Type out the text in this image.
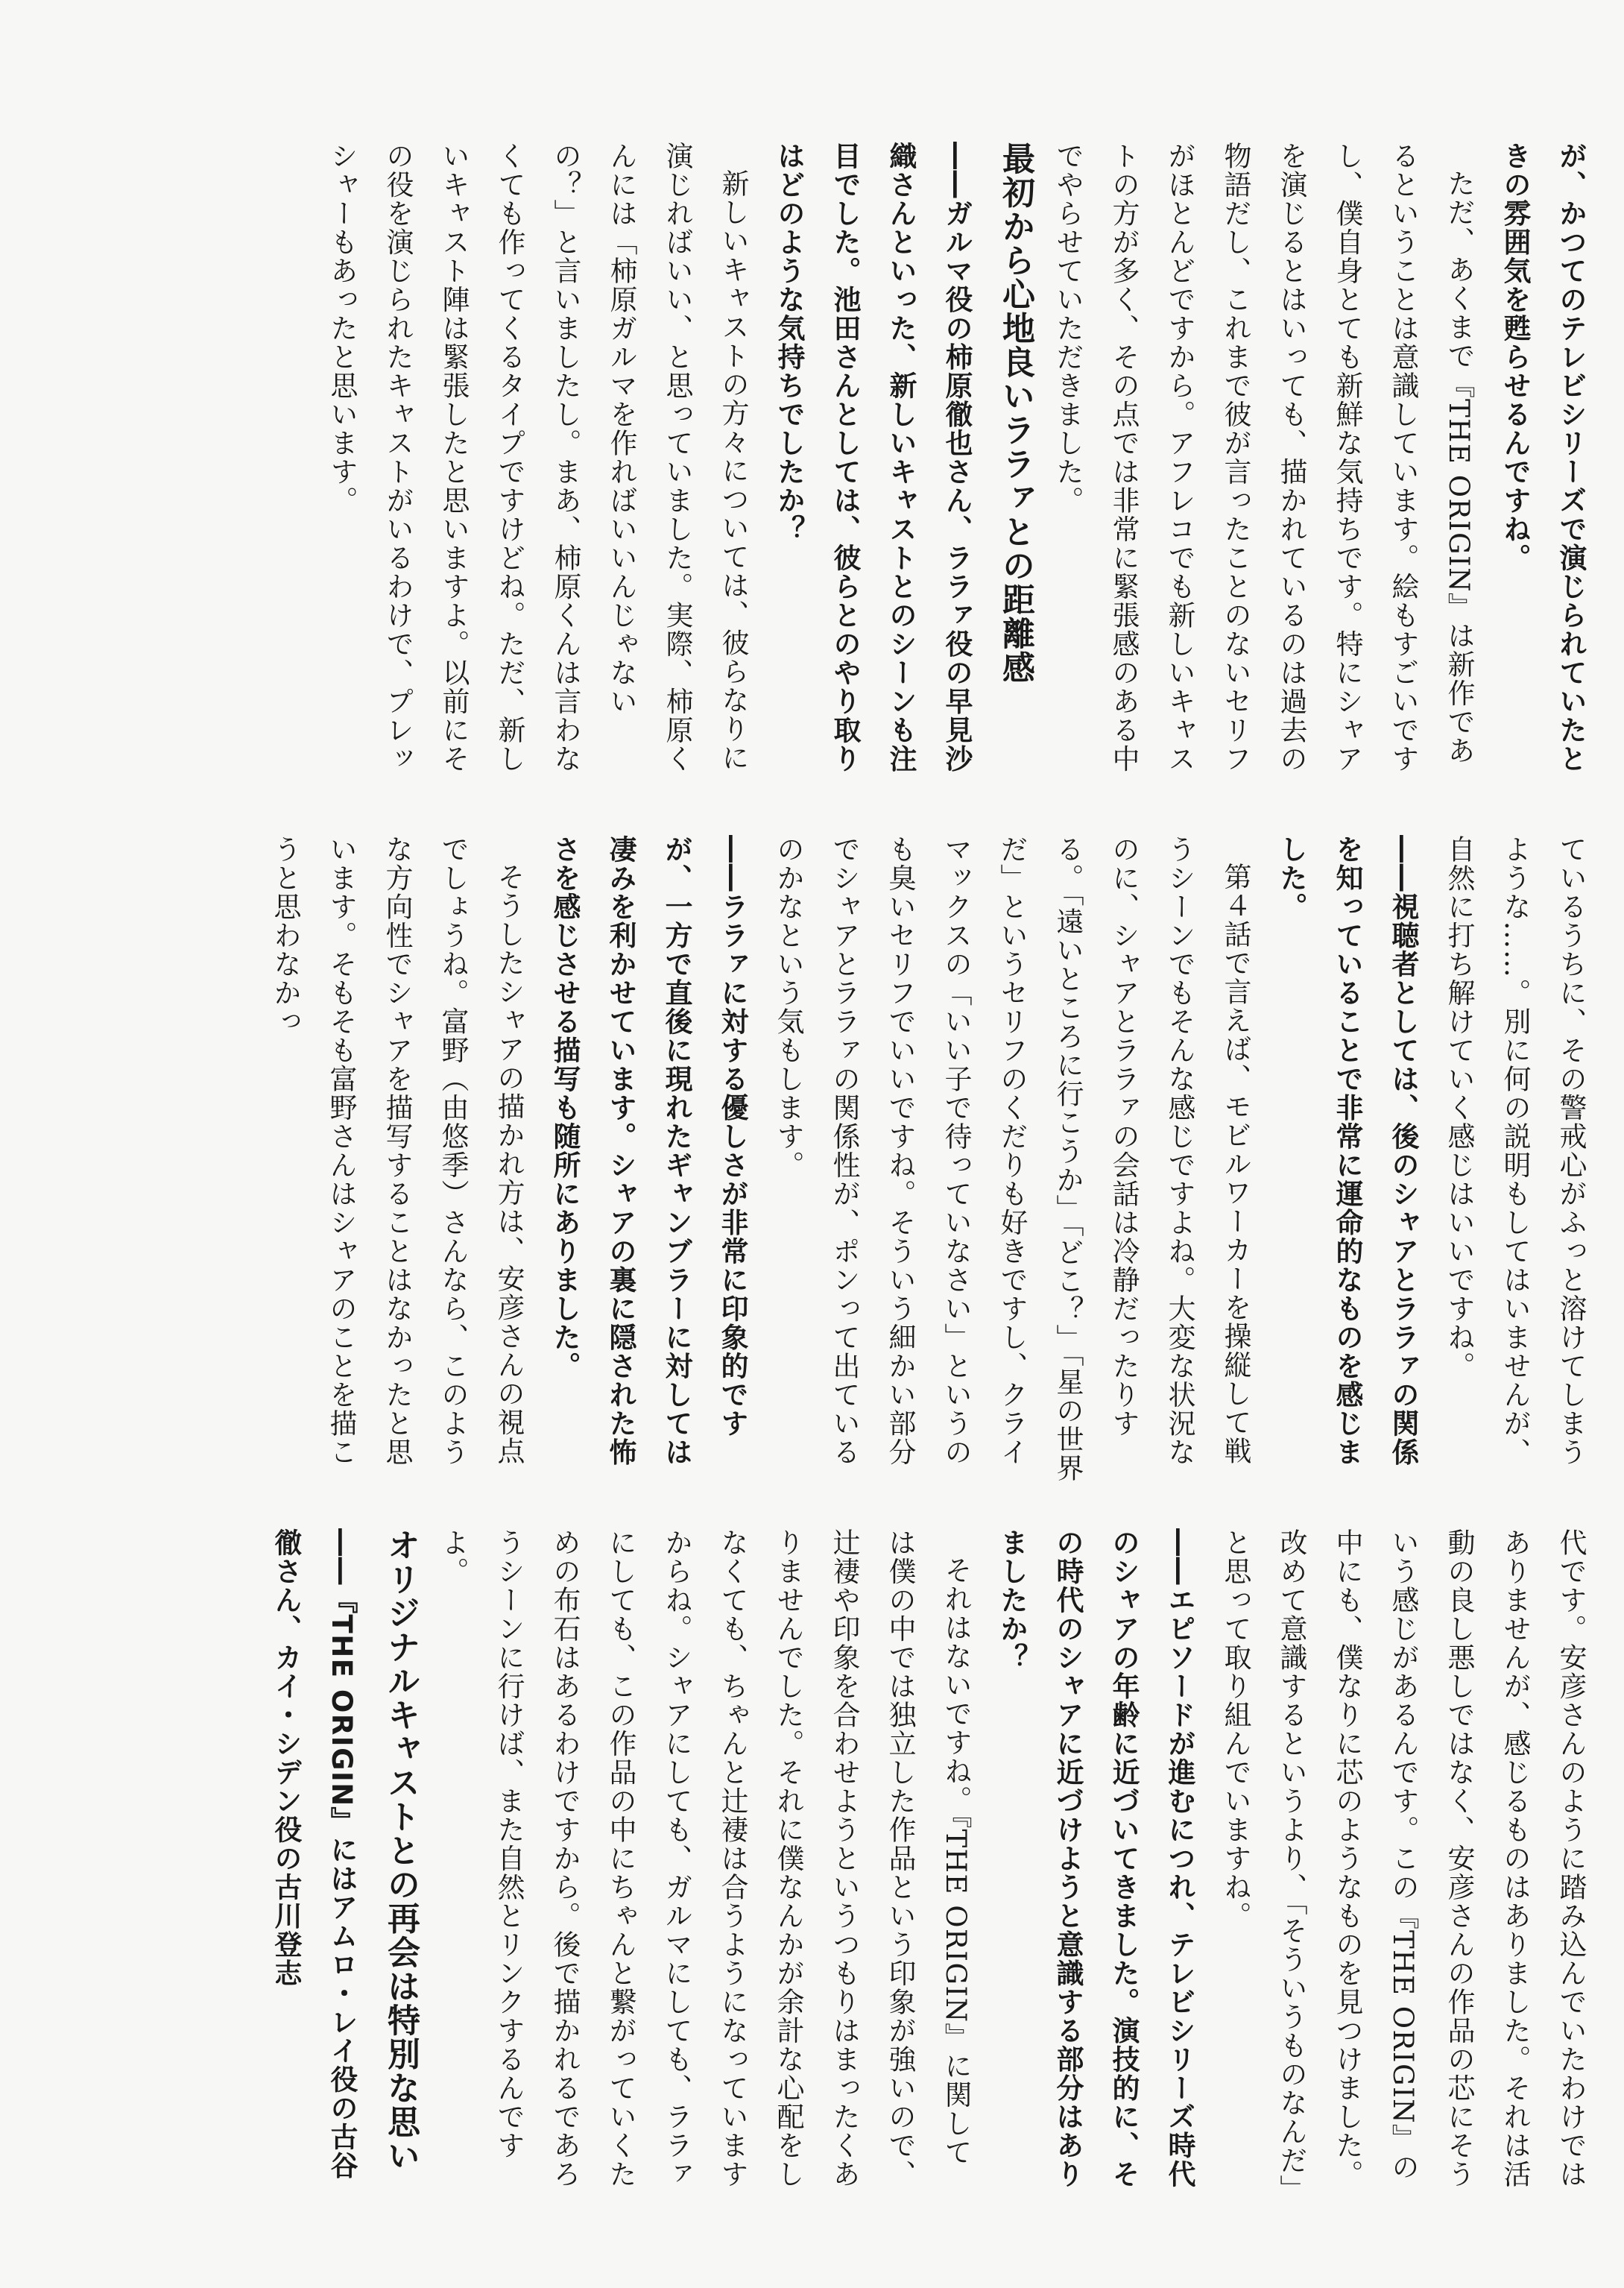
が、かつてのテレビシリーズで演じられていたときの雰囲気を甦らせるんですね。

ただ、あくまで『THE ORIGIN』は新作であるということは意識しています。絵もすごいですし、僕自身とても新鮮な気持ちです。特にシャアを演じるとはいっても、描かれているのは過去の物語だし、これまで彼が言ったことのないセリフがほとんどですから。アフレコでも新しいキャストの方が多く、その点では非常に緊張感のある中でやらせていただきました。

最初から心地良いララァとの距離感

――ガルマ役の柿原徹也さん、ララァ役の早見沙織さんといった、新しいキャストとのシーンも注目でした。池田さんとしては、彼らとのやり取りはどのような気持ちでしたか？

新しいキャストの方々については、彼らなりに演じればいい、と思っていました。実際、柿原くんには「柿原ガルマを作ればいいんじゃないの？」と言いましたし。まあ、柿原くんは言わなくても作ってくるタイプですけどね。ただ、新しいキャスト陣は緊張したと思いますよ。以前にその役を演じられたキャストがいるわけで、プレッシャーもあったと思います。

ているうちに、その警戒心がふっと溶けてしまうような……。別に何の説明もしてはいませんが、自然に打ち解けていく感じはいいですね。

――視聴者としては、後のシャアとララァの関係を知っていることで非常に運命的なものを感じました。

第４話で言えば、モビルワーカーを操縦して戦うシーンでもそんな感じですよね。大変な状況なのに、シャアとララァの会話は冷静だったりする。「遠いところに行こうか」「どこ？」「星の世界だ」というセリフのくだりも好きですし、クライマックスの「いい子で待っていなさい」というのも臭いセリフでいいですね。そういう細かい部分でシャアとララァの関係性が、ポンって出ているのかなという気もします。

――ララァに対する優しさが非常に印象的ですが、一方で直後に現れたギャンブラーに対しては凄みを利かせています。シャアの裏に隠された怖さを感じさせる描写も随所にありました。

そうしたシャアの描かれ方は、安彦さんの視点でしょうね。富野（由悠季）さんなら、このような方向性でシャアを描写することはなかったと思います。そもそも富野さんはシャアのことを描こうと思わなかっ

代です。安彦さんのように踏み込んでいたわけではありませんが、感じるものはありました。それは活動の良し悪しではなく、安彦さんの作品の芯にそういう感じがあるんです。この『THE ORIGIN』の中にも、僕なりに芯のようなものを見つけました。改めて意識するというより、「そういうものなんだ」と思って取り組んでいますね。

――エピソードが進むにつれ、テレビシリーズ時代のシャアの年齢に近づいてきました。演技的に、その時代のシャアに近づけようと意識する部分はありましたか？

それはないですね。『THE ORIGIN』に関しては僕の中では独立した作品という印象が強いので、辻褄や印象を合わせようというつもりはまったくありませんでした。それに僕なんかが余計な心配をしなくても、ちゃんと辻褄は合うようになっていますからね。シャアにしても、ガルマにしても、ララァにしても、この作品の中にちゃんと繋がっていくための布石はあるわけですから。後で描かれるであろうシーンに行けば、また自然とリンクするんですよ。

オリジナルキャストとの再会は特別な思い

――『THE ORIGIN』にはアムロ・レイ役の古谷徹さん、カイ・シデン役の古川登志
